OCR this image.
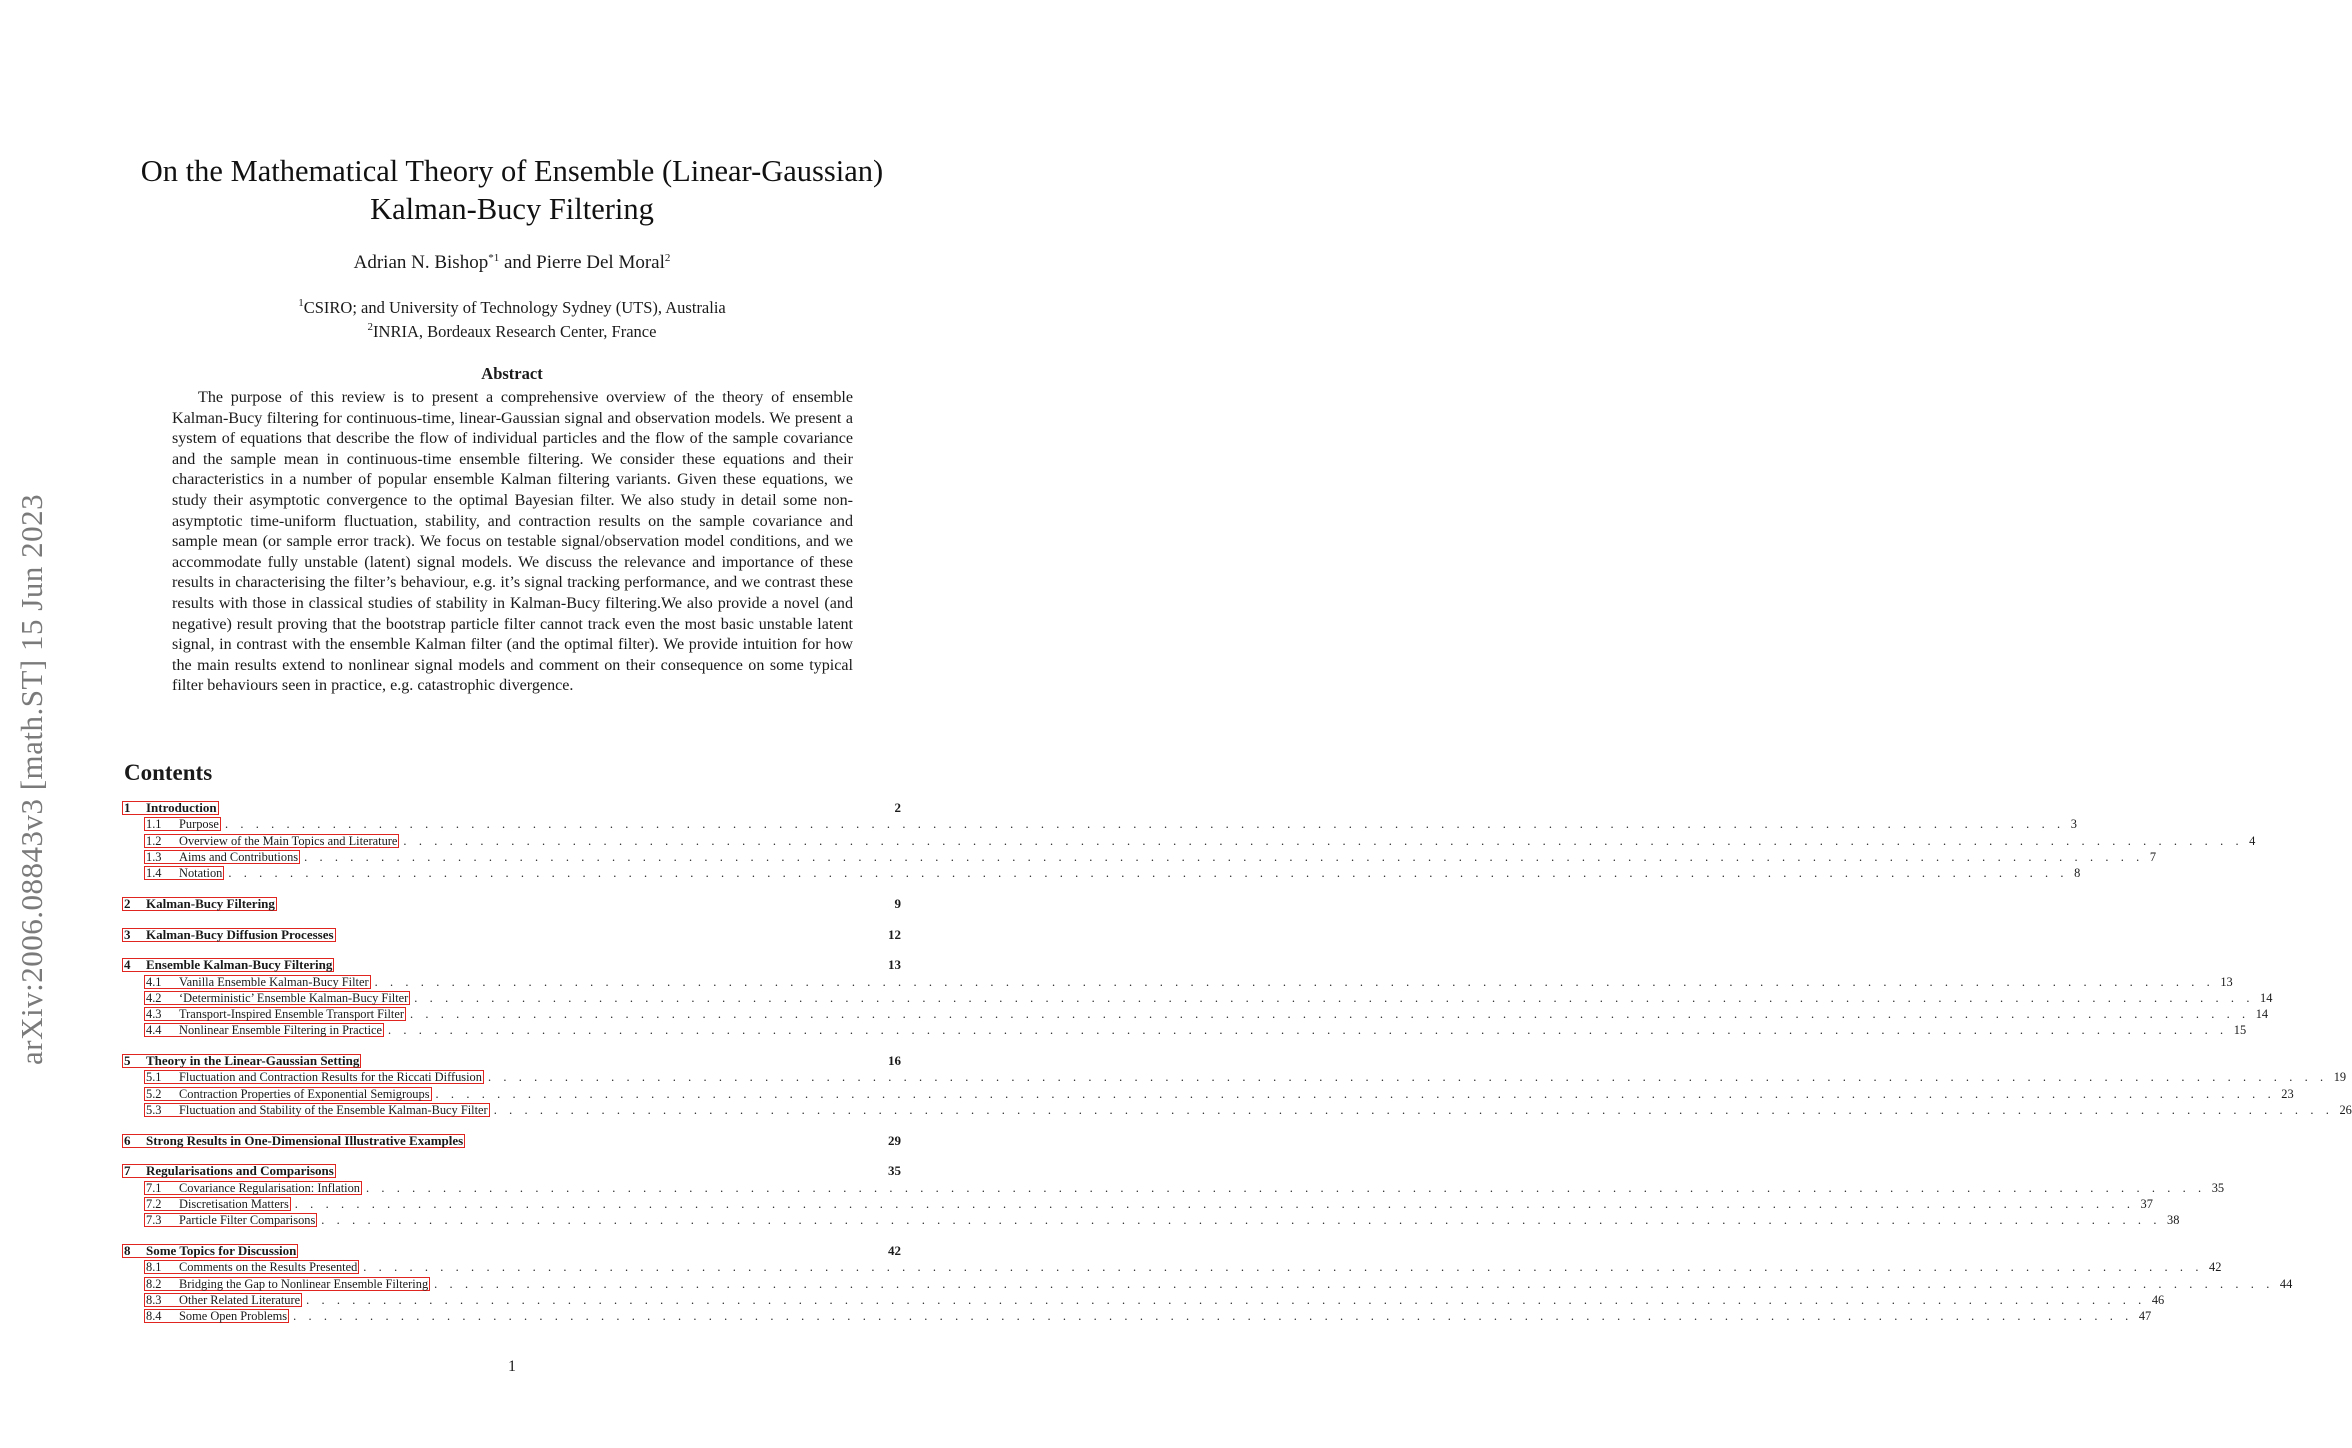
arXiv:2006.08843v3 [math.ST] 15 Jun 2023
On the Mathematical Theory of Ensemble (Linear-Gaussian)
Kalman-Bucy Filtering
Adrian N. Bishop$^{*1}$ and Pierre Del Moral$^2$
$^1$CSIRO; and University of Technology Sydney (UTS), Australia
$^2$INRIA, Bordeaux Research Center, France
Abstract
The purpose of this review is to present a comprehensive overview of the theory of ensemble Kalman-Bucy filtering for continuous-time, linear-Gaussian signal and observation models. We present a system of equations that describe the flow of individual particles and the flow of the sample covariance and the sample mean in continuous-time ensemble filtering. We consider these equations and their characteristics in a number of popular ensemble Kalman filtering variants. Given these equations, we study their asymptotic convergence to the optimal Bayesian filter. We also study in detail some non-asymptotic time-uniform fluctuation, stability, and contraction results on the sample covariance and sample mean (or sample error track). We focus on testable signal/observation model conditions, and we accommodate fully unstable (latent) signal models. We discuss the relevance and importance of these results in characterising the filter’s behaviour, e.g. it’s signal tracking performance, and we contrast these results with those in classical studies of stability in Kalman-Bucy filtering.We also provide a novel (and negative) result proving that the bootstrap particle filter cannot track even the most basic unstable latent signal, in contrast with the ensemble Kalman filter (and the optimal filter). We provide intuition for how the main results extend to nonlinear signal models and comment on their consequence on some typical filter behaviours seen in practice, e.g. catastrophic divergence.
Contents
1 Introduction	2
1.1 Purpose . . . . . . . . . . . . . . . . . . . . . . . . . . . . . . . . . . . . . . . . . . . . . . . . . . . . . . . . . . . . . . . . . . . . . . . . . . . . . . . . . . . . . . . . . . . . . . . . . . . . . . . . . . . . . . . . . . . . . . . . 3
1.2 Overview of the Main Topics and Literature . . . . . . . . . . . . . . . . . . . . . . . . . . . . . . . . . . . . . . . . . . . . . . . . . . . . . . . . . . . . . . . . . . . . . . . . . . . . . . . . . . . . . . . . . . . . . . . . . . . . . . . . . . . . . . . . . . . . . . . . 4
1.3 Aims and Contributions . . . . . . . . . . . . . . . . . . . . . . . . . . . . . . . . . . . . . . . . . . . . . . . . . . . . . . . . . . . . . . . . . . . . . . . . . . . . . . . . . . . . . . . . . . . . . . . . . . . . . . . . . . . . . . . . . . . . . . . . 7
1.4 Notation . . . . . . . . . . . . . . . . . . . . . . . . . . . . . . . . . . . . . . . . . . . . . . . . . . . . . . . . . . . . . . . . . . . . . . . . . . . . . . . . . . . . . . . . . . . . . . . . . . . . . . . . . . . . . . . . . . . . . . . . 8
2 Kalman-Bucy Filtering	9
3 Kalman-Bucy Diffusion Processes	12
4 Ensemble Kalman-Bucy Filtering	13
4.1 Vanilla Ensemble Kalman-Bucy Filter . . . . . . . . . . . . . . . . . . . . . . . . . . . . . . . . . . . . . . . . . . . . . . . . . . . . . . . . . . . . . . . . . . . . . . . . . . . . . . . . . . . . . . . . . . . . . . . . . . . . . . . . . . . . . . . . . . . . . . . . 13
4.2 ‘Deterministic’ Ensemble Kalman-Bucy Filter . . . . . . . . . . . . . . . . . . . . . . . . . . . . . . . . . . . . . . . . . . . . . . . . . . . . . . . . . . . . . . . . . . . . . . . . . . . . . . . . . . . . . . . . . . . . . . . . . . . . . . . . . . . . . . . . . . . . . . . . 14
4.3 Transport-Inspired Ensemble Transport Filter . . . . . . . . . . . . . . . . . . . . . . . . . . . . . . . . . . . . . . . . . . . . . . . . . . . . . . . . . . . . . . . . . . . . . . . . . . . . . . . . . . . . . . . . . . . . . . . . . . . . . . . . . . . . . . . . . . . . . . . . 14
4.4 Nonlinear Ensemble Filtering in Practice . . . . . . . . . . . . . . . . . . . . . . . . . . . . . . . . . . . . . . . . . . . . . . . . . . . . . . . . . . . . . . . . . . . . . . . . . . . . . . . . . . . . . . . . . . . . . . . . . . . . . . . . . . . . . . . . . . . . . . . . 15
5 Theory in the Linear-Gaussian Setting	16
5.1 Fluctuation and Contraction Results for the Riccati Diffusion . . . . . . . . . . . . . . . . . . . . . . . . . . . . . . . . . . . . . . . . . . . . . . . . . . . . . . . . . . . . . . . . . . . . . . . . . . . . . . . . . . . . . . . . . . . . . . . . . . . . . . . . . . . . . . . . . . . . . . . . 19
5.2 Contraction Properties of Exponential Semigroups . . . . . . . . . . . . . . . . . . . . . . . . . . . . . . . . . . . . . . . . . . . . . . . . . . . . . . . . . . . . . . . . . . . . . . . . . . . . . . . . . . . . . . . . . . . . . . . . . . . . . . . . . . . . . . . . . . . . . . . . 23
5.3 Fluctuation and Stability of the Ensemble Kalman-Bucy Filter . . . . . . . . . . . . . . . . . . . . . . . . . . . . . . . . . . . . . . . . . . . . . . . . . . . . . . . . . . . . . . . . . . . . . . . . . . . . . . . . . . . . . . . . . . . . . . . . . . . . . . . . . . . . . . . . . . . . . . . . 26
6 Strong Results in One-Dimensional Illustrative Examples	29
7 Regularisations and Comparisons	35
7.1 Covariance Regularisation: Inflation . . . . . . . . . . . . . . . . . . . . . . . . . . . . . . . . . . . . . . . . . . . . . . . . . . . . . . . . . . . . . . . . . . . . . . . . . . . . . . . . . . . . . . . . . . . . . . . . . . . . . . . . . . . . . . . . . . . . . . . . 35
7.2 Discretisation Matters . . . . . . . . . . . . . . . . . . . . . . . . . . . . . . . . . . . . . . . . . . . . . . . . . . . . . . . . . . . . . . . . . . . . . . . . . . . . . . . . . . . . . . . . . . . . . . . . . . . . . . . . . . . . . . . . . . . . . . . . 37
7.3 Particle Filter Comparisons . . . . . . . . . . . . . . . . . . . . . . . . . . . . . . . . . . . . . . . . . . . . . . . . . . . . . . . . . . . . . . . . . . . . . . . . . . . . . . . . . . . . . . . . . . . . . . . . . . . . . . . . . . . . . . . . . . . . . . . . 38
8 Some Topics for Discussion	42
8.1 Comments on the Results Presented . . . . . . . . . . . . . . . . . . . . . . . . . . . . . . . . . . . . . . . . . . . . . . . . . . . . . . . . . . . . . . . . . . . . . . . . . . . . . . . . . . . . . . . . . . . . . . . . . . . . . . . . . . . . . . . . . . . . . . . . 42
8.2 Bridging the Gap to Nonlinear Ensemble Filtering . . . . . . . . . . . . . . . . . . . . . . . . . . . . . . . . . . . . . . . . . . . . . . . . . . . . . . . . . . . . . . . . . . . . . . . . . . . . . . . . . . . . . . . . . . . . . . . . . . . . . . . . . . . . . . . . . . . . . . . . 44
8.3 Other Related Literature . . . . . . . . . . . . . . . . . . . . . . . . . . . . . . . . . . . . . . . . . . . . . . . . . . . . . . . . . . . . . . . . . . . . . . . . . . . . . . . . . . . . . . . . . . . . . . . . . . . . . . . . . . . . . . . . . . . . . . . . 46
8.4 Some Open Problems . . . . . . . . . . . . . . . . . . . . . . . . . . . . . . . . . . . . . . . . . . . . . . . . . . . . . . . . . . . . . . . . . . . . . . . . . . . . . . . . . . . . . . . . . . . . . . . . . . . . . . . . . . . . . . . . . . . . . . . . 47
1
